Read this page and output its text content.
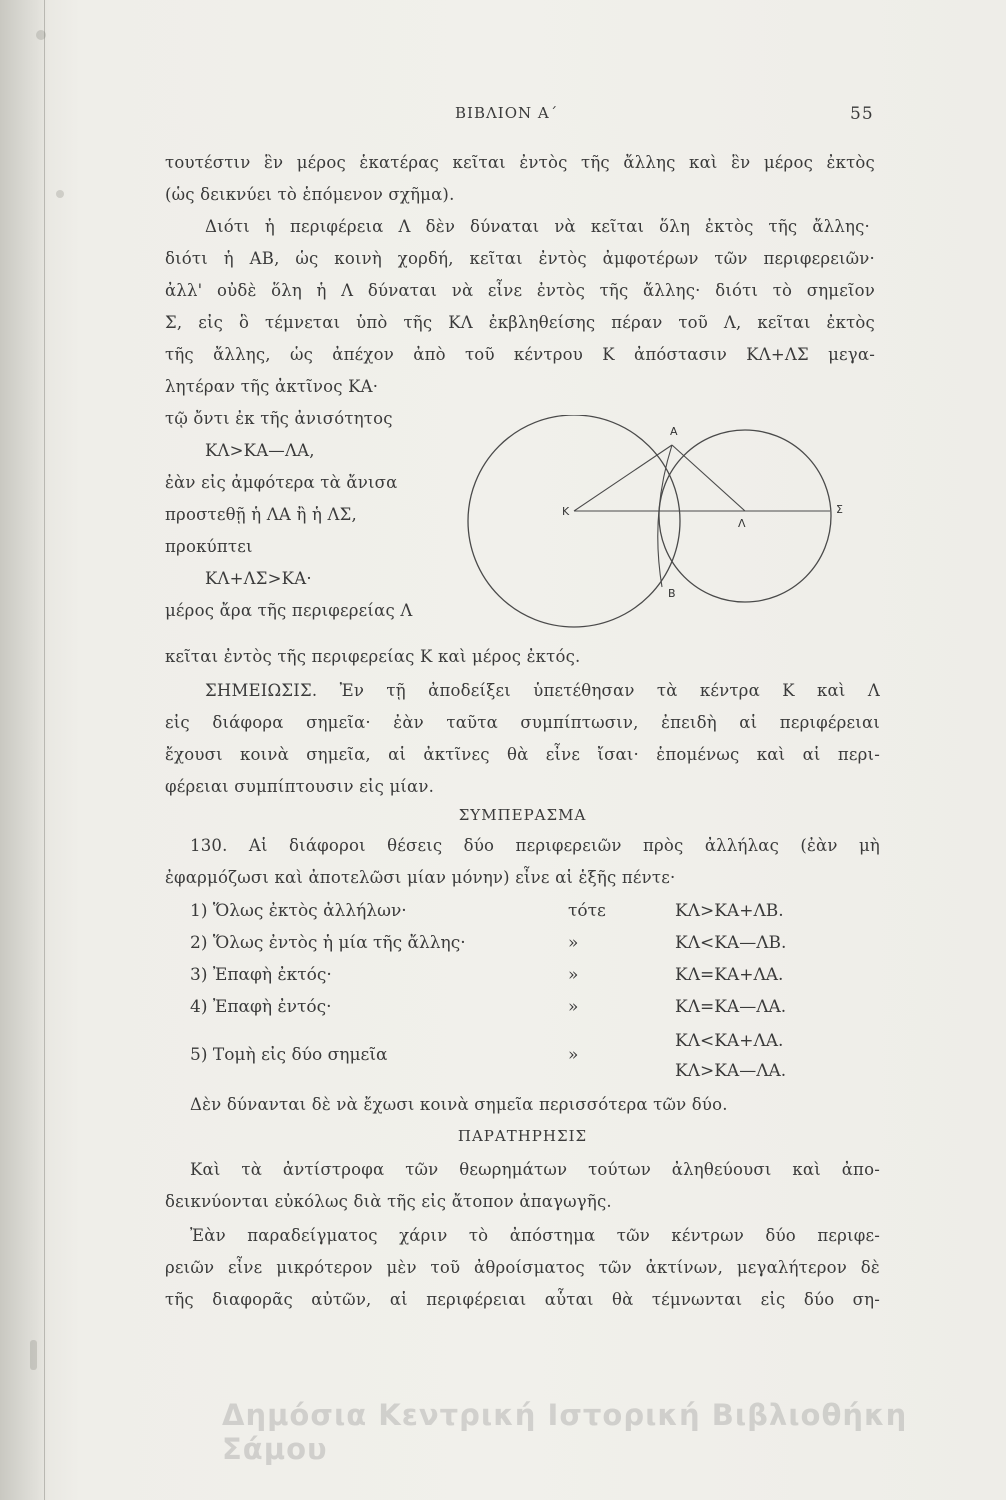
ΒΙΒΛΙΟΝ Α΄	55
τουτέστιν ἓν μέρος ἑκατέρας κεῖται ἐντὸς τῆς ἄλλης καὶ ἓν μέρος ἐκτὸς
(ὡς δεικνύει τὸ ἑπόμενον σχῆμα).
Διότι ἡ περιφέρεια Λ δὲν δύναται νὰ κεῖται ὅλη ἐκτὸς τῆς ἄλλης·
διότι ἡ ΑΒ, ὡς κοινὴ χορδή, κεῖται ἐντὸς ἀμφοτέρων τῶν περιφερειῶν·
ἀλλ' οὐδὲ ὅλη ἡ Λ δύναται νὰ εἶνε ἐντὸς τῆς ἄλλης· διότι τὸ σημεῖον
Σ, εἰς ὃ τέμνεται ὑπὸ τῆς ΚΛ ἐκβληθείσης πέραν τοῦ Λ, κεῖται ἐκτὸς
τῆς ἄλλης, ὡς ἀπέχον ἀπὸ τοῦ κέντρου Κ ἀπόστασιν ΚΛ+ΛΣ μεγα-
λητέραν τῆς ἀκτῖνος ΚΑ·
τῷ ὄντι ἐκ τῆς ἀνισότητος
ΚΛ>ΚΑ—ΛΑ,
ἐὰν εἰς ἀμφότερα τὰ ἄνισα
προστεθῇ ἡ ΛΑ ἢ ἡ ΛΣ,
προκύπτει
ΚΛ+ΛΣ>ΚΑ·
μέρος ἄρα τῆς περιφερείας Λ
Α
Κ
Λ
Σ
Β
κεῖται ἐντὸς τῆς περιφερείας Κ καὶ μέρος ἐκτός.
ΣΗΜΕΙΩΣΙΣ. Ἐν τῇ ἀποδείξει ὑπετέθησαν τὰ κέντρα Κ καὶ Λ
εἰς διάφορα σημεῖα· ἐὰν ταῦτα συμπίπτωσιν, ἐπειδὴ αἱ περιφέρειαι
ἔχουσι κοινὰ σημεῖα, αἱ ἀκτῖνες θὰ εἶνε ἴσαι· ἑπομένως καὶ αἱ περι-
φέρειαι συμπίπτουσιν εἰς μίαν.
ΣΥΜΠΕΡΑΣΜΑ
130. Αἱ διάφοροι θέσεις δύο περιφερειῶν πρὸς ἀλλήλας (ἐὰν μὴ
ἐφαρμόζωσι καὶ ἀποτελῶσι μίαν μόνην) εἶνε αἱ ἑξῆς πέντε·
1) Ὅλως ἐκτὸς ἀλλήλων·	τότε	ΚΛ>ΚΑ+ΛΒ.
2) Ὅλως ἐντὸς ἡ μία τῆς ἄλλης·	»	ΚΛ<ΚΑ—ΛΒ.
3) Ἐπαφὴ ἐκτός·	»	ΚΛ=ΚΑ+ΛΑ.
4) Ἐπαφὴ ἐντός·	»	ΚΛ=ΚΑ—ΛΑ.
5) Τομὴ εἰς δύο σημεῖα	»
ΚΛ<ΚΑ+ΛΑ.
ΚΛ>ΚΑ—ΛΑ.
Δὲν δύνανται δὲ νὰ ἔχωσι κοινὰ σημεῖα περισσότερα τῶν δύο.
ΠΑΡΑΤΗΡΗΣΙΣ
Καὶ τὰ ἀντίστροφα τῶν θεωρημάτων τούτων ἀληθεύουσι καὶ ἀπο-
δεικνύονται εὐκόλως διὰ τῆς εἰς ἄτοπον ἀπαγωγῆς.
Ἐὰν παραδείγματος χάριν τὸ ἀπόστημα τῶν κέντρων δύο περιφε-
ρειῶν εἶνε μικρότερον μὲν τοῦ ἀθροίσματος τῶν ἀκτίνων, μεγαλήτερον δὲ
τῆς διαφορᾶς αὐτῶν, αἱ περιφέρειαι αὗται θὰ τέμνωνται εἰς δύο ση-
Δημόσια Κεντρική Ιστορική Βιβλιοθήκη Σάμου
